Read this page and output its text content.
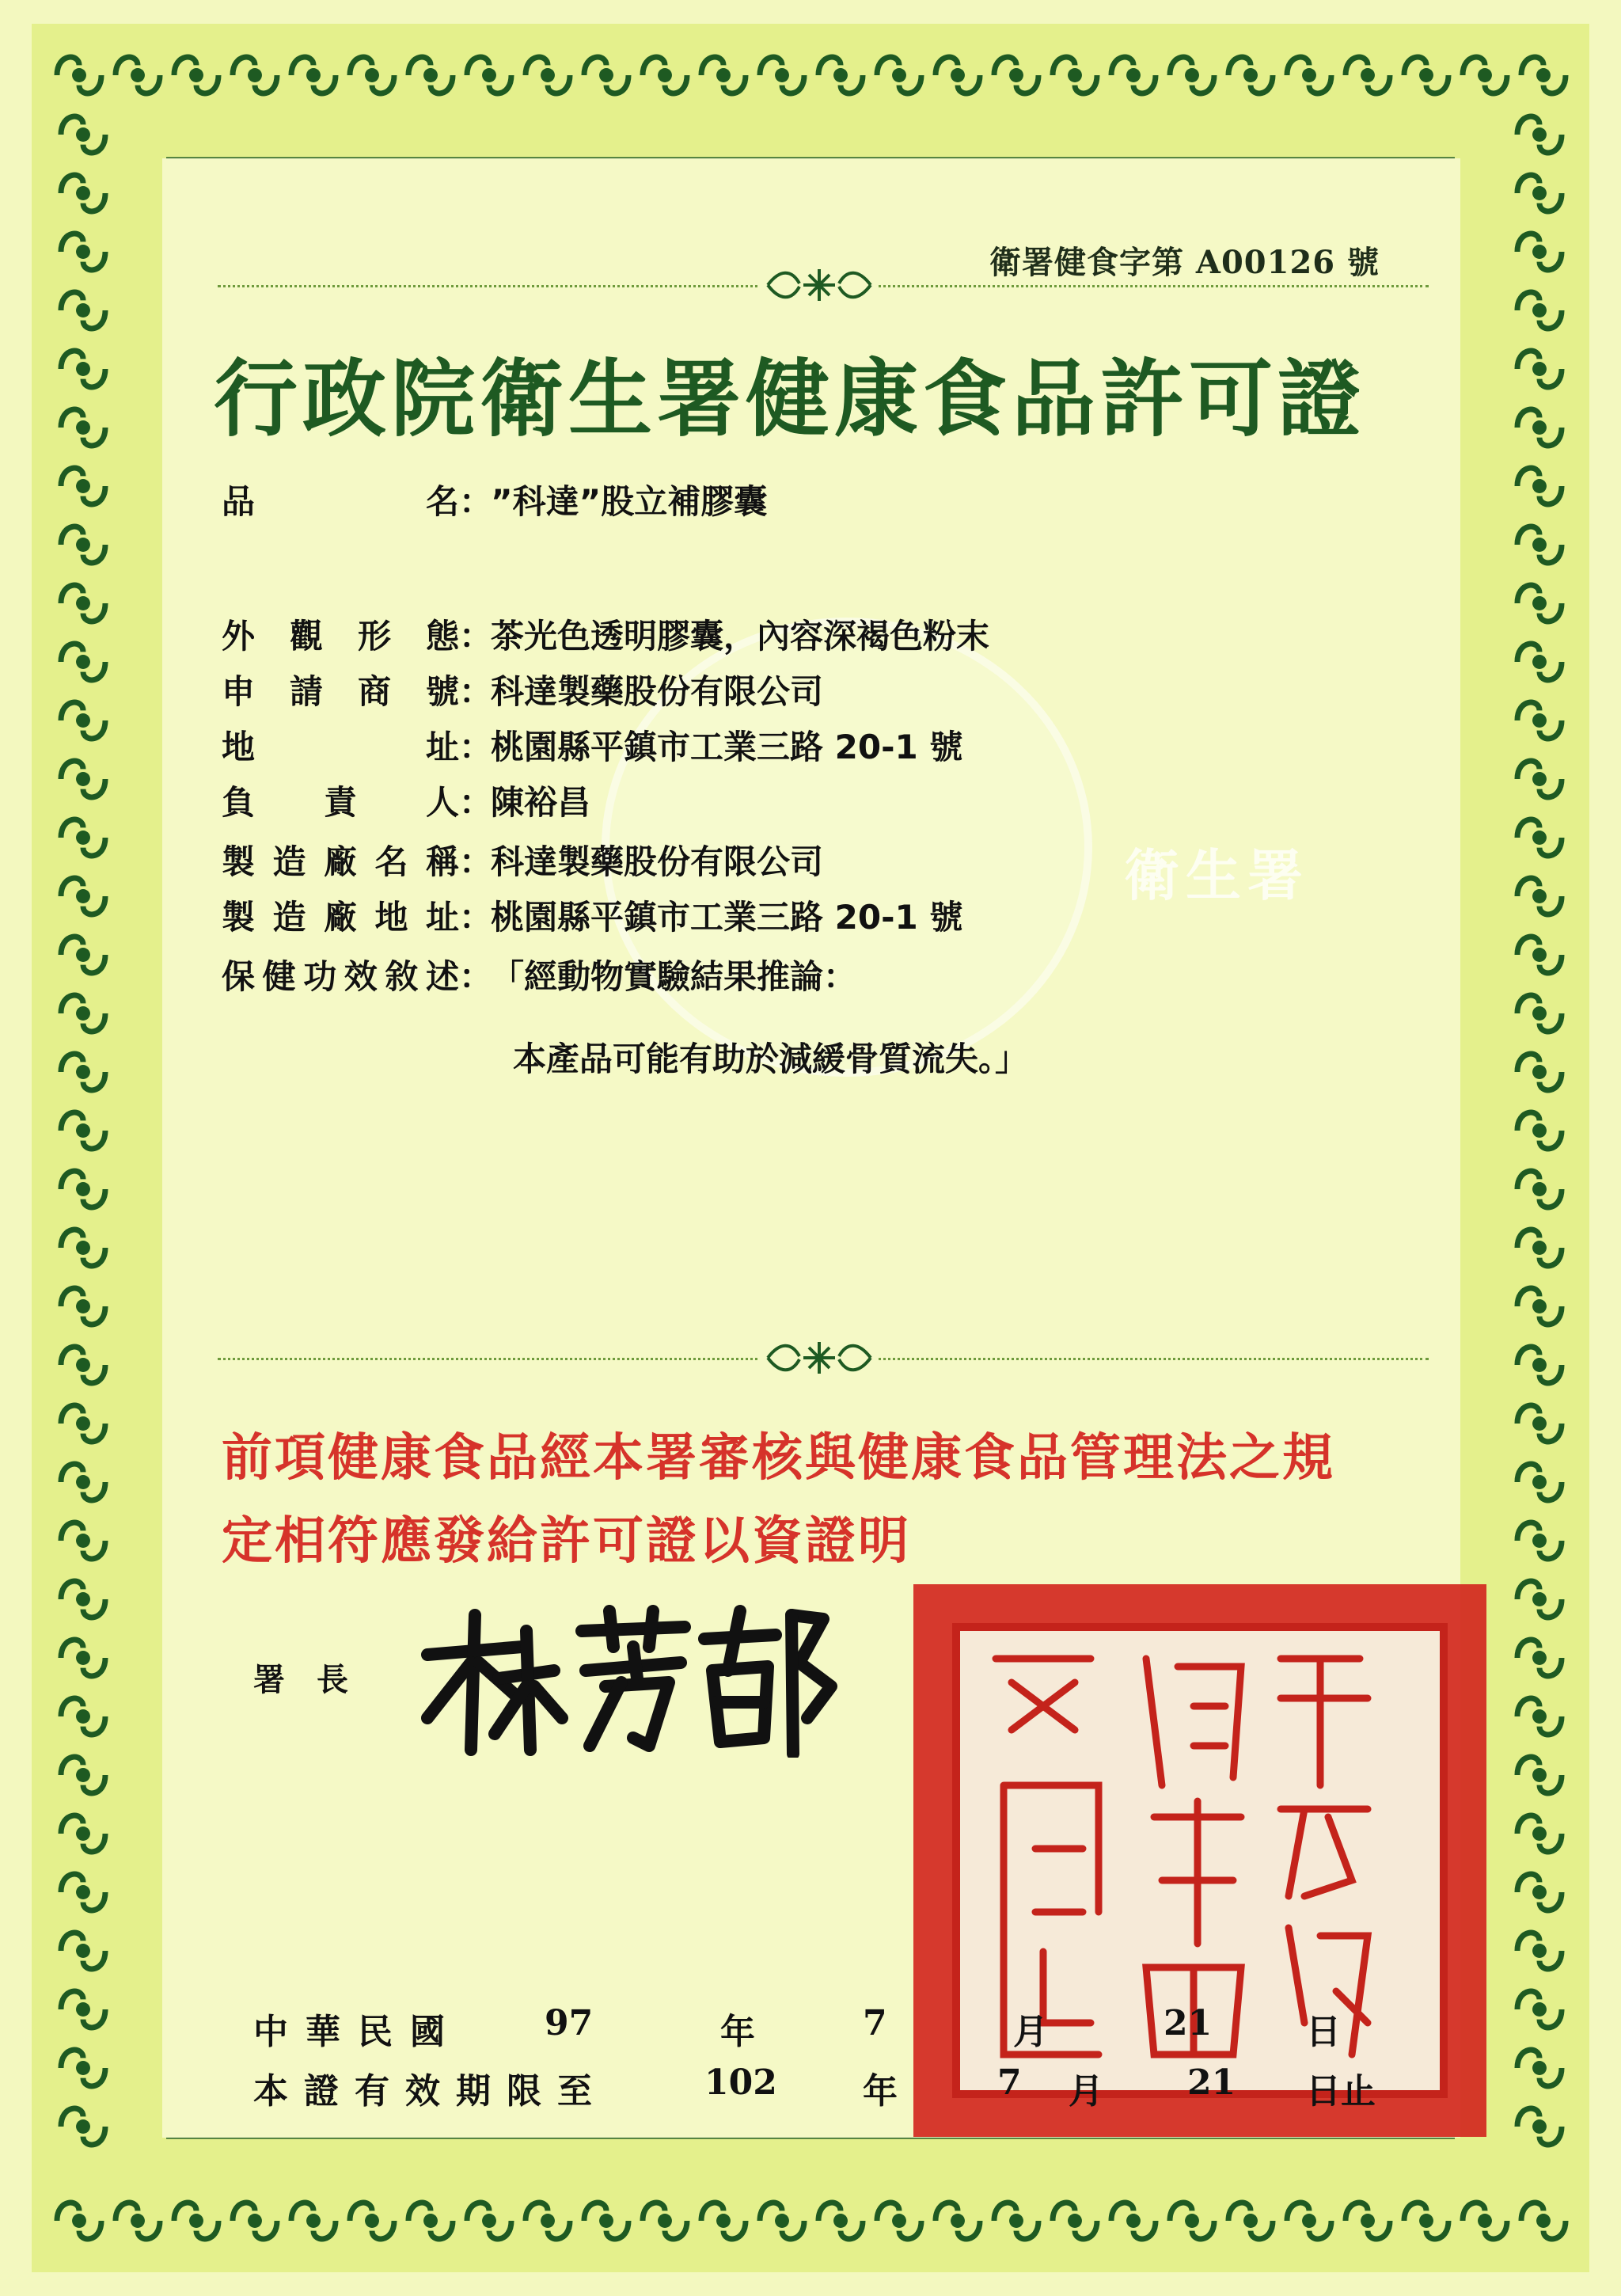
衛生署
衛署健食字第 A00126 號
行政院衛生署健康食品許可證
品	名 ：
”科達”股立補膠囊
外 觀 形 態 ：
茶光色透明膠囊，內容深褐色粉末
申 請 商 號 ：
科達製藥股份有限公司
地	址 ：
桃園縣平鎮市工業三路 20-1 號
負 責 人 ：
陳裕昌
製 造 廠 名 稱 ：
科達製藥股份有限公司
製 造 廠 地 址 ：
桃園縣平鎮市工業三路 20-1 號
保 健 功 效 敘 述 ：
「經動物實驗結果推論：
本產品可能有助於減緩骨質流失。」
前項健康食品經本署審核與健康食品管理法之規
定相符應發給許可證以資證明
署長
中華民國 97	年	7	月	21	日
本證有效期限至	102 年	7 月 21 日止
